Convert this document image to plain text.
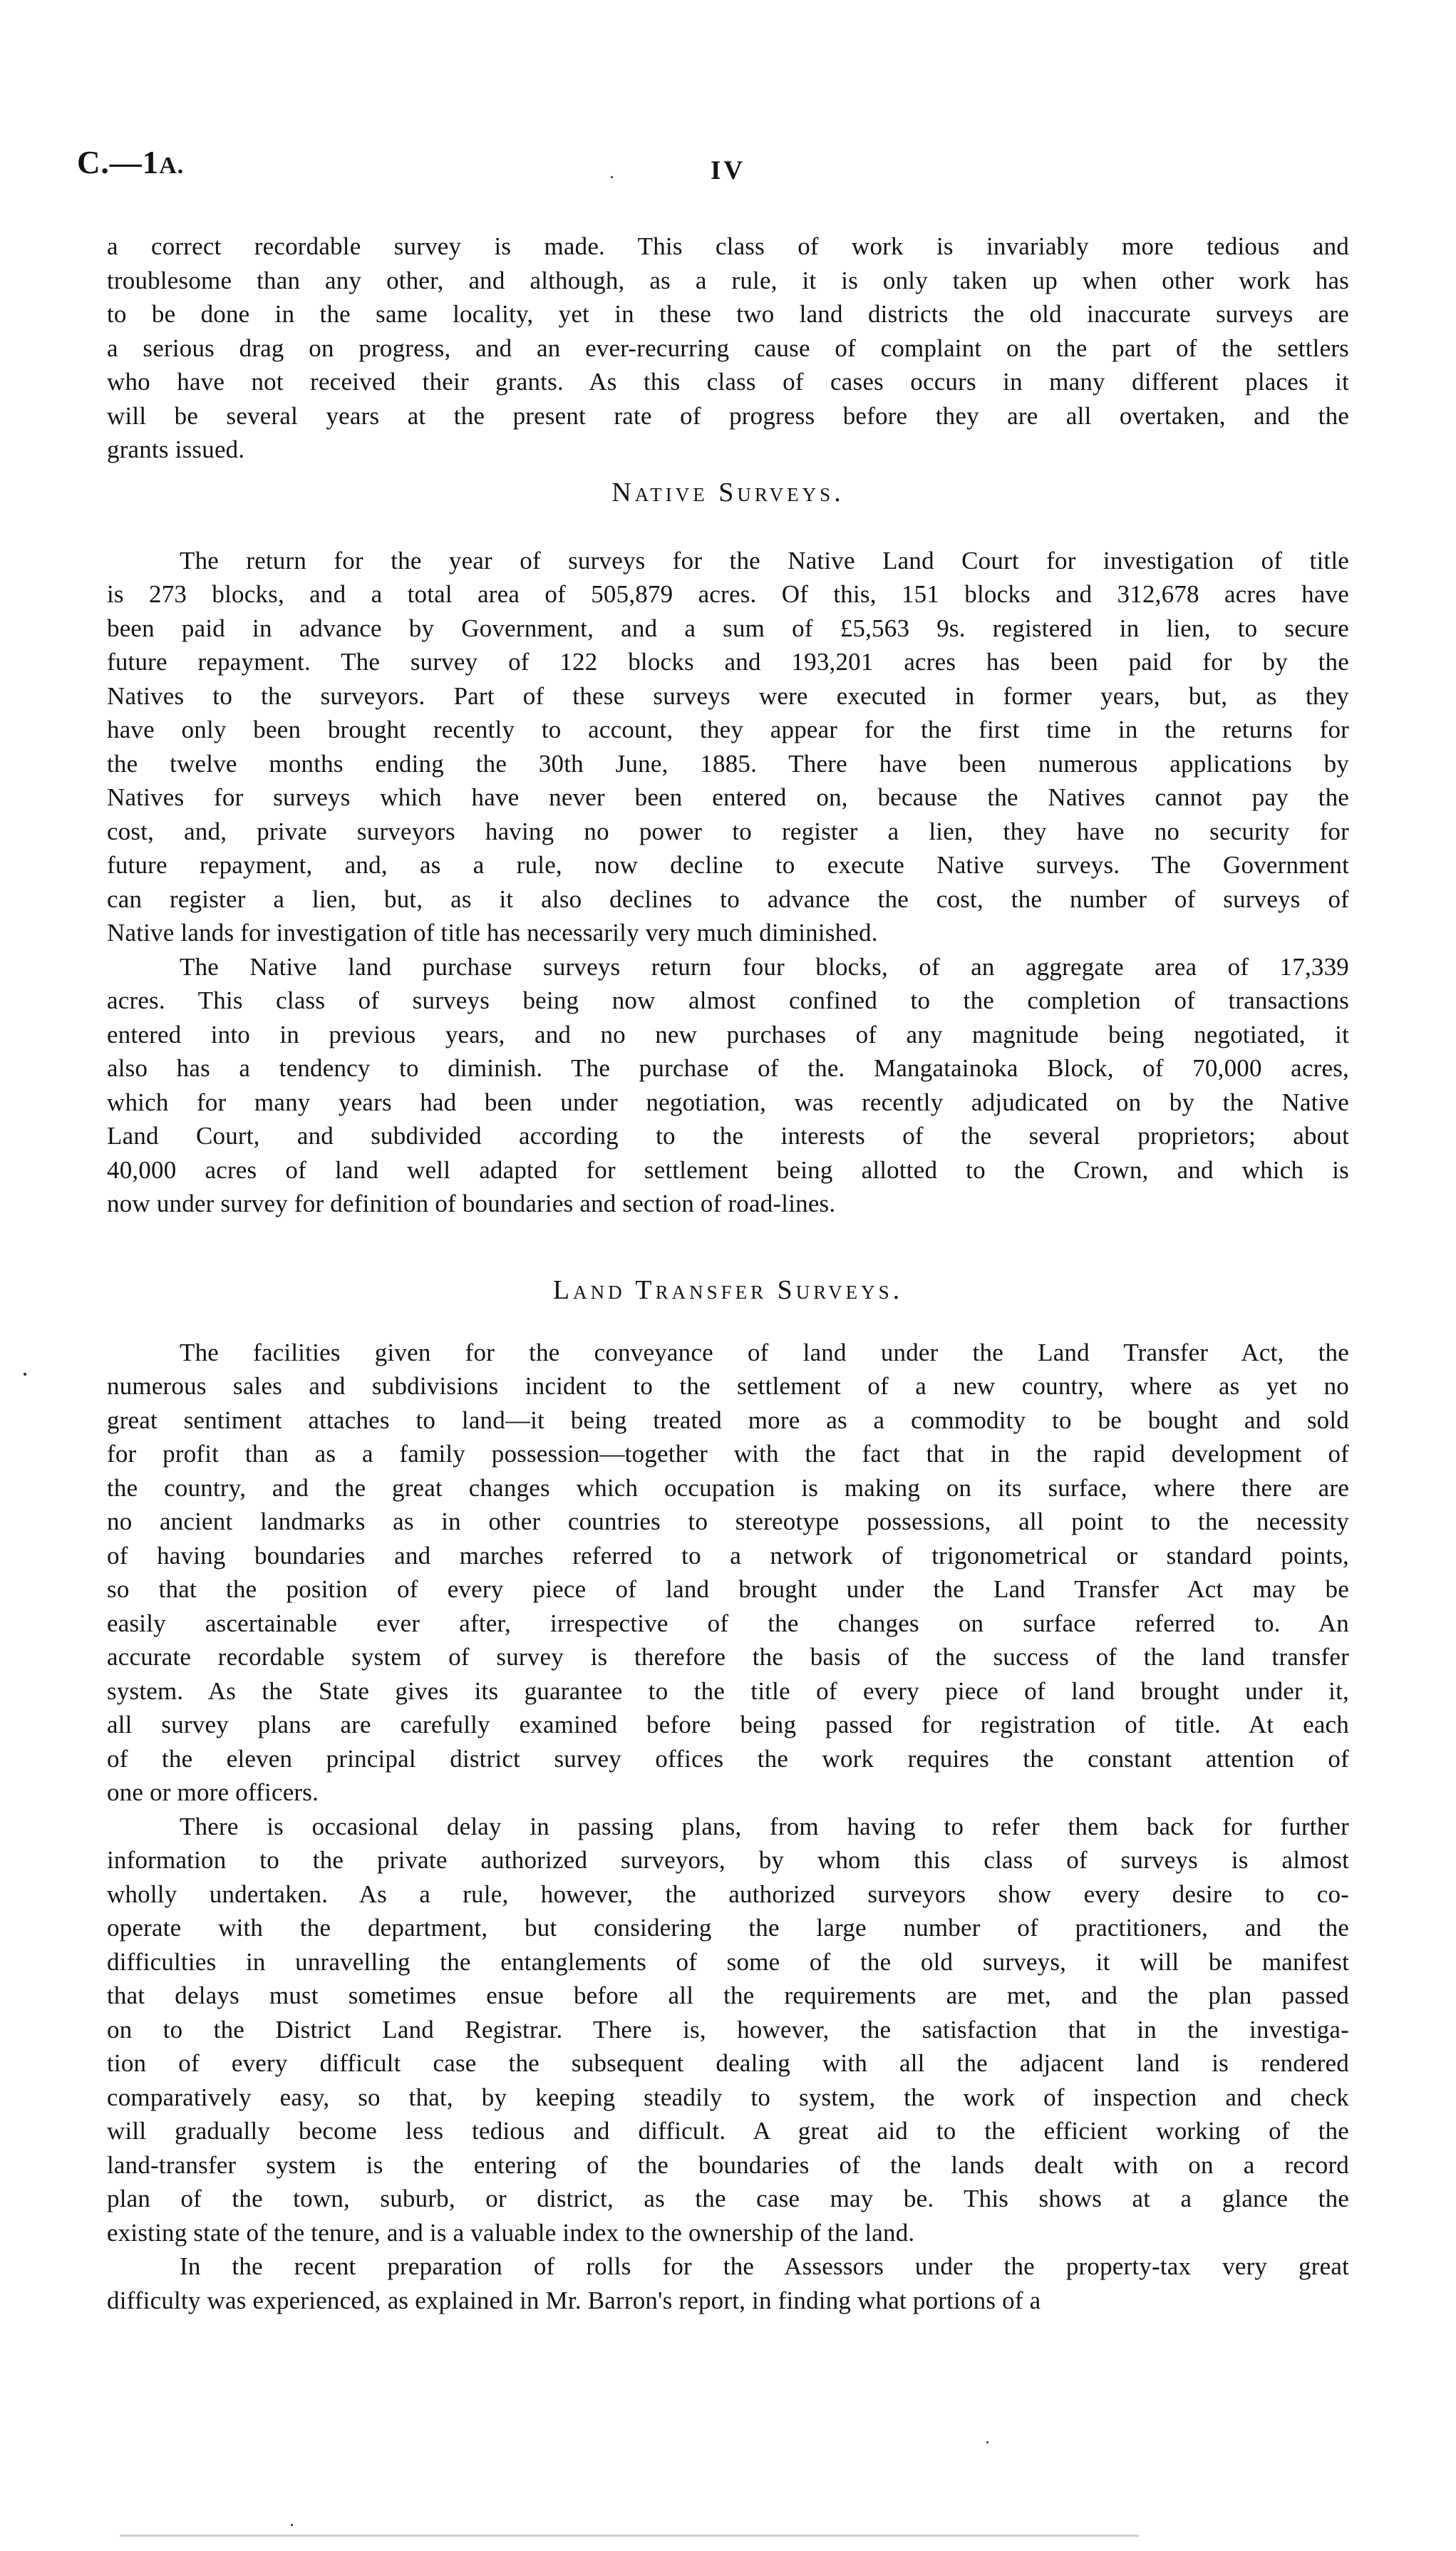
C.—1A.	IV
a correct recordable survey is made. This class of work is invariably more tedious and
troublesome than any other, and although, as a rule, it is only taken up when other work has
to be done in the same locality, yet in these two land districts the old inaccurate surveys are
a serious drag on progress, and an ever-recurring cause of complaint on the part of the settlers
who have not received their grants. As this class of cases occurs in many different places it
will be several years at the present rate of progress before they are all overtaken, and the
grants issued.
Native Surveys.
The return for the year of surveys for the Native Land Court for investigation of title
is 273 blocks, and a total area of 505,879 acres. Of this, 151 blocks and 312,678 acres have
been paid in advance by Government, and a sum of £5,563 9s. registered in lien, to secure
future repayment. The survey of 122 blocks and 193,201 acres has been paid for by the
Natives to the surveyors. Part of these surveys were executed in former years, but, as they
have only been brought recently to account, they appear for the first time in the returns for
the twelve months ending the 30th June, 1885. There have been numerous applications by
Natives for surveys which have never been entered on, because the Natives cannot pay the
cost, and, private surveyors having no power to register a lien, they have no security for
future repayment, and, as a rule, now decline to execute Native surveys. The Government
can register a lien, but, as it also declines to advance the cost, the number of surveys of
Native lands for investigation of title has necessarily very much diminished.
The Native land purchase surveys return four blocks, of an aggregate area of 17,339
acres. This class of surveys being now almost confined to the completion of transactions
entered into in previous years, and no new purchases of any magnitude being negotiated, it
also has a tendency to diminish. The purchase of the. Mangatainoka Block, of 70,000 acres,
which for many years had been under negotiation, was recently adjudicated on by the Native
Land Court, and subdivided according to the interests of the several proprietors; about
40,000 acres of land well adapted for settlement being allotted to the Crown, and which is
now under survey for definition of boundaries and section of road-lines.
Land Transfer Surveys.
The facilities given for the conveyance of land under the Land Transfer Act, the
numerous sales and subdivisions incident to the settlement of a new country, where as yet no
great sentiment attaches to land—it being treated more as a commodity to be bought and sold
for profit than as a family possession—together with the fact that in the rapid development of
the country, and the great changes which occupation is making on its surface, where there are
no ancient landmarks as in other countries to stereotype possessions, all point to the necessity
of having boundaries and marches referred to a network of trigonometrical or standard points,
so that the position of every piece of land brought under the Land Transfer Act may be
easily ascertainable ever after, irrespective of the changes on surface referred to. An
accurate recordable system of survey is therefore the basis of the success of the land transfer
system. As the State gives its guarantee to the title of every piece of land brought under it,
all survey plans are carefully examined before being passed for registration of title. At each
of the eleven principal district survey offices the work requires the constant attention of
one or more officers.
There is occasional delay in passing plans, from having to refer them back for further
information to the private authorized surveyors, by whom this class of surveys is almost
wholly undertaken. As a rule, however, the authorized surveyors show every desire to co-
operate with the department, but considering the large number of practitioners, and the
difficulties in unravelling the entanglements of some of the old surveys, it will be manifest
that delays must sometimes ensue before all the requirements are met, and the plan passed
on to the District Land Registrar. There is, however, the satisfaction that in the investiga-
tion of every difficult case the subsequent dealing with all the adjacent land is rendered
comparatively easy, so that, by keeping steadily to system, the work of inspection and check
will gradually become less tedious and difficult. A great aid to the efficient working of the
land-transfer system is the entering of the boundaries of the lands dealt with on a record
plan of the town, suburb, or district, as the case may be. This shows at a glance the
existing state of the tenure, and is a valuable index to the ownership of the land.
In the recent preparation of rolls for the Assessors under the property-tax very great
difficulty was experienced, as explained in Mr. Barron's report, in finding what portions of a
